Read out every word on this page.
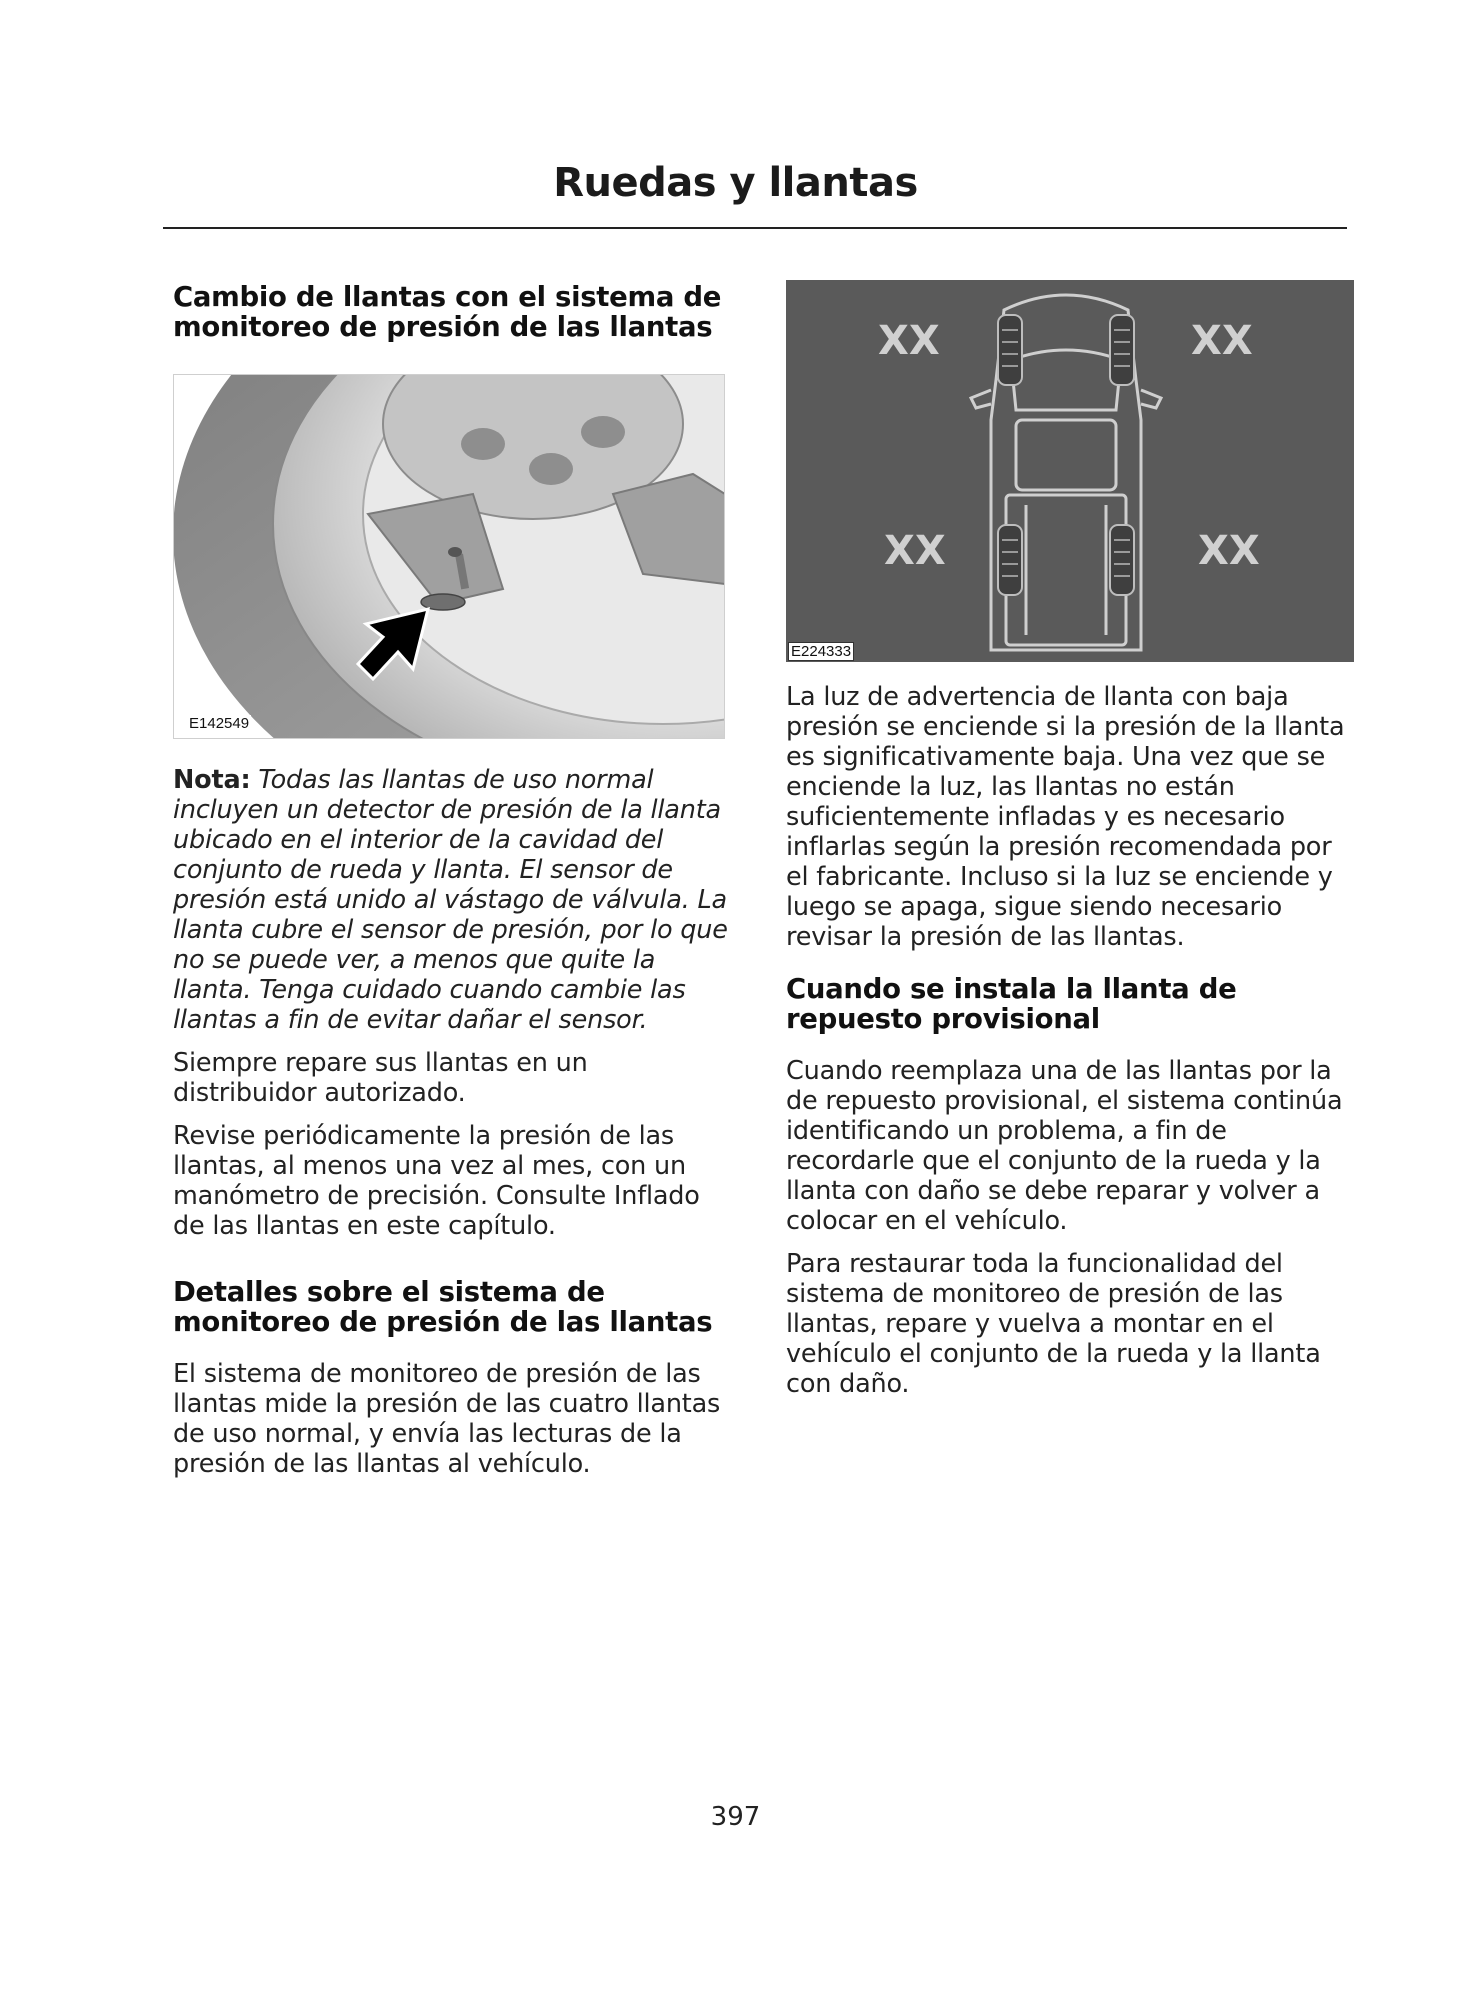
Ruedas y llantas
Cambio de llantas con el sistema de monitoreo de presión de las llantas
E142549

Nota: Todas las llantas de uso normal incluyen un detector de presión de la llanta ubicado en el interior de la cavidad del conjunto de rueda y llanta. El sensor de presión está unido al vástago de válvula. La llanta cubre el sensor de presión, por lo que no se puede ver, a menos que quite la llanta. Tenga cuidado cuando cambie las llantas a fin de evitar dañar el sensor.

Siempre repare sus llantas en un distribuidor autorizado.

Revise periódicamente la presión de las llantas, al menos una vez al mes, con un manómetro de precisión. Consulte Inflado de las llantas en este capítulo.

Detalles sobre el sistema de monitoreo de presión de las llantas

El sistema de monitoreo de presión de las llantas mide la presión de las cuatro llantas de uso normal, y envía las lecturas de la presión de las llantas al vehículo.

XX	XX
XX	XX
E224333

La luz de advertencia de llanta con baja presión se enciende si la presión de la llanta es significativamente baja. Una vez que se enciende la luz, las llantas no están suficientemente infladas y es necesario inflarlas según la presión recomendada por el fabricante. Incluso si la luz se enciende y luego se apaga, sigue siendo necesario revisar la presión de las llantas.

Cuando se instala la llanta de repuesto provisional

Cuando reemplaza una de las llantas por la de repuesto provisional, el sistema continúa identificando un problema, a fin de recordarle que el conjunto de la rueda y la llanta con daño se debe reparar y volver a colocar en el vehículo.

Para restaurar toda la funcionalidad del sistema de monitoreo de presión de las llantas, repare y vuelva a montar en el vehículo el conjunto de la rueda y la llanta con daño.

397
